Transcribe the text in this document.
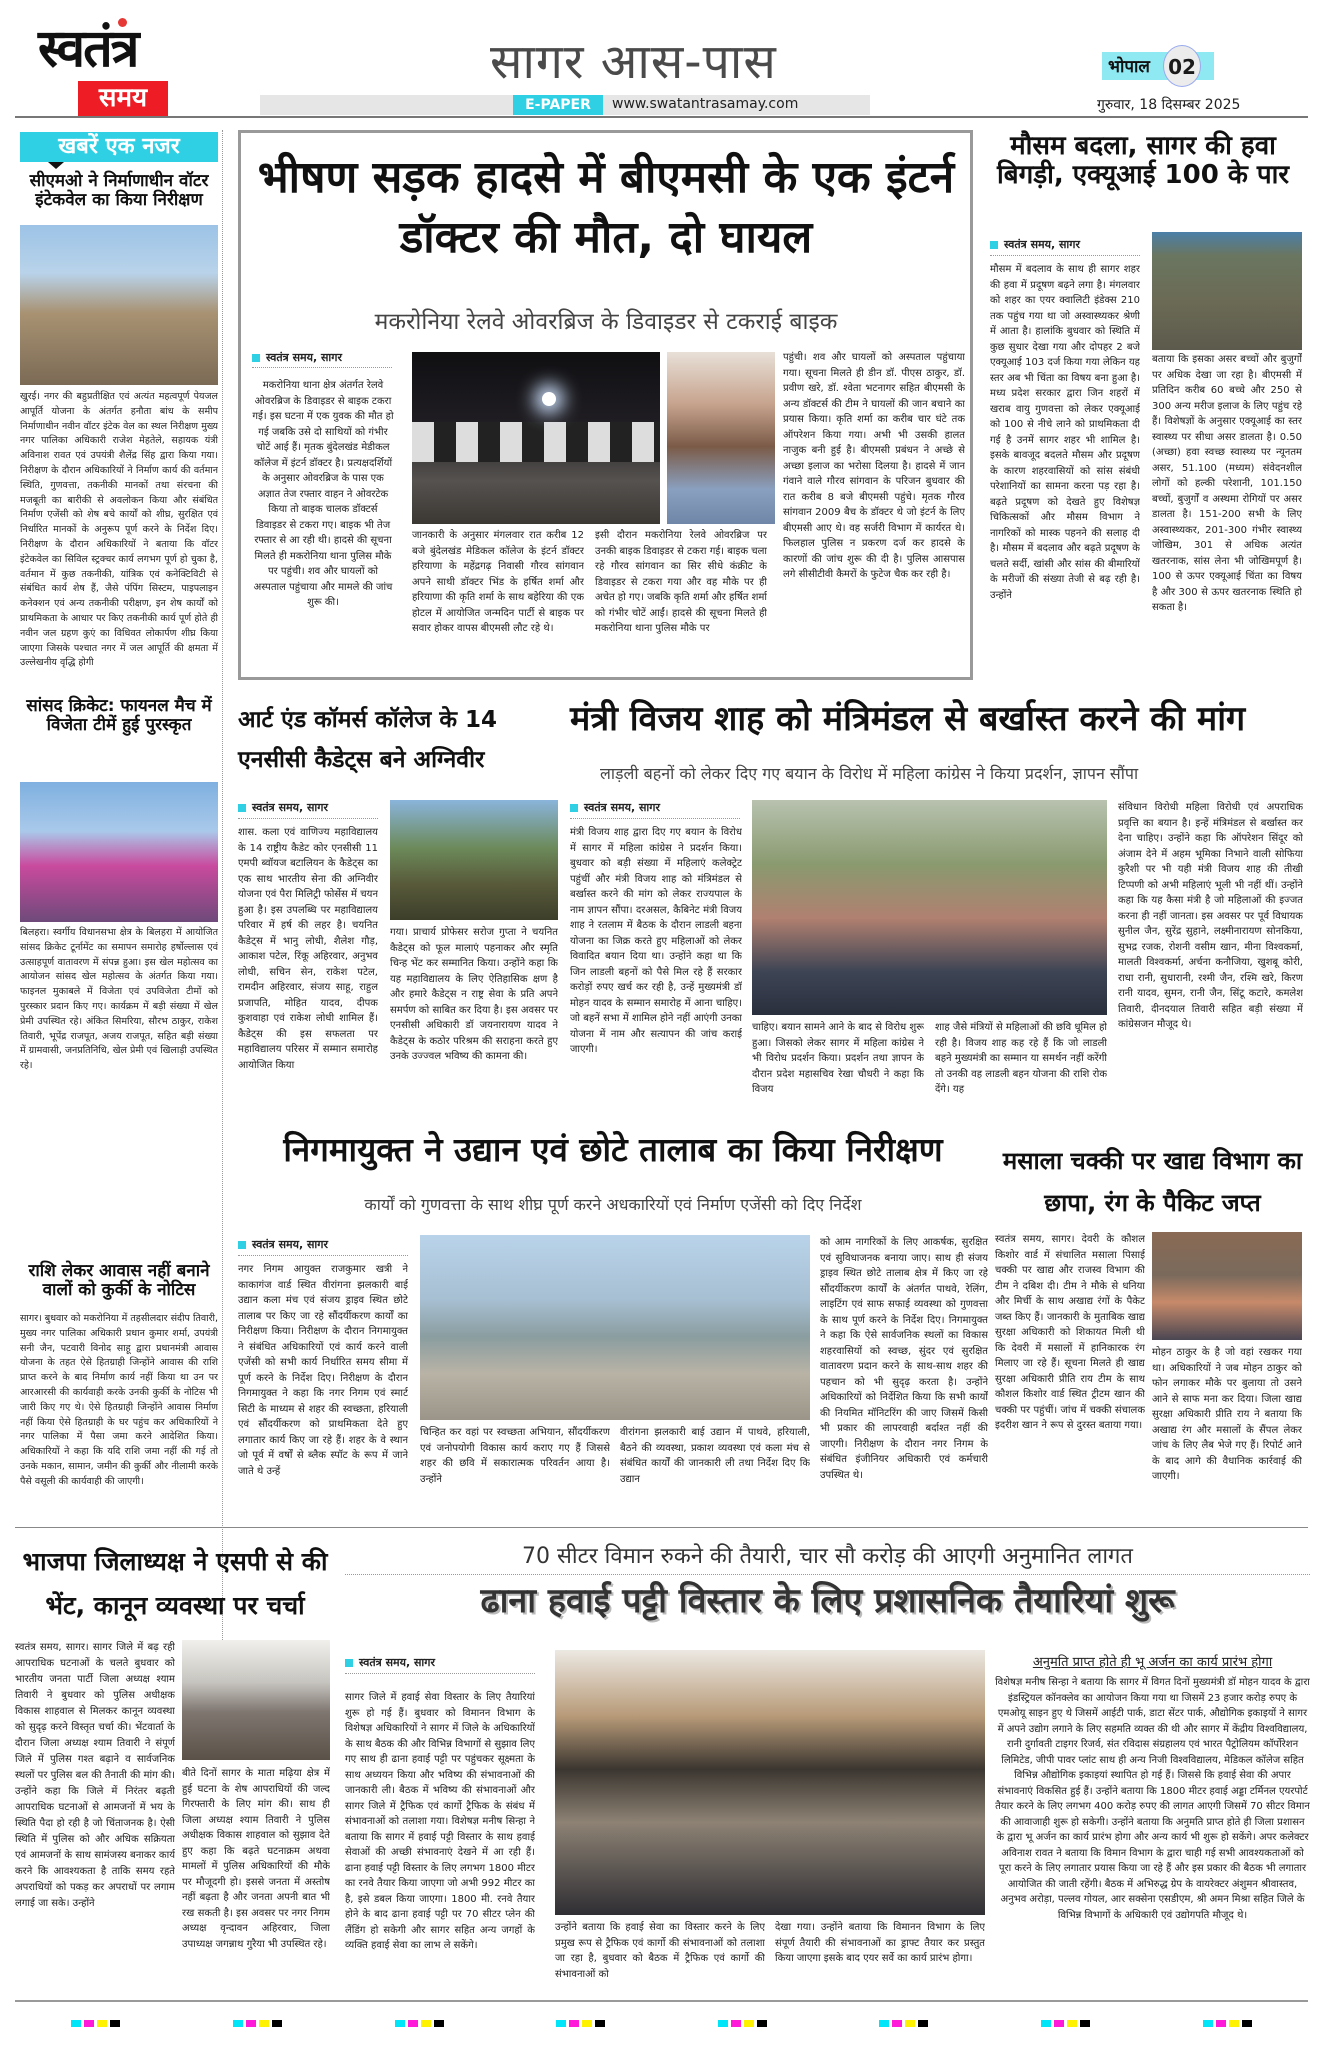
स्वतंत्र
समय
सागर आस-पास
E-PAPER	www.swatantrasamay.com
भोपाल 02
गुरुवार, 18 दिसम्बर 2025
खबरें एक नजर
सीएमओ ने निर्माणाधीन वॉटर इंटेकवेल का किया निरीक्षण
खुरई। नगर की बहुप्रतीक्षित एवं अत्यंत महत्वपूर्ण पेयजल आपूर्ति योजना के अंतर्गत हनौता बांध के समीप निर्माणाधीन नवीन वॉटर इंटेक वेल का स्थल निरीक्षण मुख्य नगर पालिका अधिकारी राजेश मेहतेले, सहायक यंत्री अविनाश रावत एवं उपयंत्री शैलेंद्र सिंह द्वारा किया गया। निरीक्षण के दौरान अधिकारियों ने निर्माण कार्य की वर्तमान स्थिति, गुणवत्ता, तकनीकी मानकों तथा संरचना की मजबूती का बारीकी से अवलोकन किया और संबंधित निर्माण एजेंसी को शेष बचे कार्यों को शीघ्र, सुरक्षित एवं निर्धारित मानकों के अनुरूप पूर्ण करने के निर्देश दिए। निरीक्षण के दौरान अधिकारियों ने बताया कि वॉटर इंटेकवेल का सिविल स्ट्रक्चर कार्य लगभग पूर्ण हो चुका है, वर्तमान में कुछ तकनीकी, यांत्रिक एवं कनेक्टिविटी से संबंधित कार्य शेष हैं, जैसे पंपिंग सिस्टम, पाइपलाइन कनेक्शन एवं अन्य तकनीकी परीक्षण, इन शेष कार्यों को प्राथमिकता के आधार पर किए तकनीकी कार्य पूर्ण होते ही नवीन जल ग्रहण कुएं का विधिवत लोकार्पण शीघ्र किया जाएगा जिसके पश्चात नगर में जल आपूर्ति की क्षमता में उल्लेखनीय वृद्धि होगी
सांसद क्रिकेट: फायनल मैच में विजेता टीमें हुई पुरस्कृत
बिलहरा। स्वर्गीय विधानसभा क्षेत्र के बिलहरा में आयोजित सांसद क्रिकेट टूर्नामेंट का समापन समारोह हर्षोल्लास एवं उत्साहपूर्ण वातावरण में संपन्न हुआ। इस खेल महोत्सव का आयोजन सांसद खेल महोत्सव के अंतर्गत किया गया। फाइनल मुकाबले में विजेता एवं उपविजेता टीमों को पुरस्कार प्रदान किए गए। कार्यक्रम में बड़ी संख्या में खेल प्रेमी उपस्थित रहे। अंकित सिमरिया, सौरभ ठाकुर, राकेश तिवारी, भूपेंद्र राजपूत, अजय राजपूत, सहित बड़ी संख्या में ग्रामवासी, जनप्रतिनिधि, खेल प्रेमी एवं खिलाड़ी उपस्थित रहे।
राशि लेकर आवास नहीं बनाने वालों को कुर्की के नोटिस
सागर। बुधवार को मकरोनिया में तहसीलदार संदीप तिवारी, मुख्य नगर पालिका अधिकारी प्रधान कुमार शर्मा, उपयंत्री सनी जैन, पटवारी विनोद साहू द्वारा प्रधानमंत्री आवास योजना के तहत ऐसे हितग्राही जिन्होंने आवास की राशि प्राप्त करने के बाद निर्माण कार्य नहीं किया था उन पर आरआरसी की कार्यवाही करके उनकी कुर्की के नोटिस भी जारी किए गए थे। ऐसे हितग्राही जिन्होंने आवास निर्माण नहीं किया ऐसे हितग्राही के घर पहुंच कर अधिकारियों ने नगर पालिका में पैसा जमा करने आदेशित किया। अधिकारियों ने कहा कि यदि राशि जमा नहीं की गई तो उनके मकान, सामान, जमीन की कुर्की और नीलामी करके पैसे वसूली की कार्यवाही की जाएगी।
भीषण सड़क हादसे में बीएमसी के एक इंटर्न डॉक्टर की मौत, दो घायल
मकरोनिया रेलवे ओवरब्रिज के डिवाइडर से टकराई बाइक
स्वतंत्र समय, सागर
मकरोनिया थाना क्षेत्र अंतर्गत रेलवे ओवरब्रिज के डिवाइडर से बाइक टकरा गई। इस घटना में एक युवक की मौत हो गई जबकि उसे दो साथियों को गंभीर चोटें आई हैं। मृतक बुंदेलखंड मेडीकल कॉलेज में इंटर्न डॉक्टर है। प्रत्यक्षदर्शियों के अनुसार ओवरब्रिज के पास एक अज्ञात तेज रफ्तार वाहन ने ओवरटेक किया तो बाइक चालक डॉक्टर्स डिवाइडर से टकरा गए। बाइक भी तेज रफ्तार से आ रही थी। हादसे की सूचना मिलते ही मकरोनिया थाना पुलिस मौके पर पहुंची। शव और घायलों को अस्पताल पहुंचाया और मामले की जांच शुरू की।
जानकारी के अनुसार मंगलवार रात करीब 12 बजे बुंदेलखंड मेडिकल कॉलेज के इंटर्न डॉक्टर हरियाणा के महेंद्रगढ़ निवासी गौरव सांगवान अपने साथी डॉक्टर भिंड के हर्षित शर्मा और हरियाणा की कृति शर्मा के साथ बहेरिया की एक होटल में आयोजित जन्मदिन पार्टी से बाइक पर सवार होकर वापस बीएमसी लौट रहे थे।
इसी दौरान मकरोनिया रेलवे ओवरब्रिज पर उनकी बाइक डिवाइडर से टकरा गई। बाइक चला रहे गौरव सांगवान का सिर सीधे कंक्रीट के डिवाइडर से टकरा गया और वह मौके पर ही अचेत हो गए। जबकि कृति शर्मा और हर्षित शर्मा को गंभीर चोटें आईं। हादसे की सूचना मिलते ही मकरोनिया थाना पुलिस मौके पर
पहुंची। शव और घायलों को अस्पताल पहुंचाया गया। सूचना मिलते ही डीन डॉ. पीएस ठाकुर, डॉ. प्रवीण खरे, डॉ. श्वेता भटनागर सहित बीएमसी के अन्य डॉक्टर्स की टीम ने घायलों की जान बचाने का प्रयास किया। कृति शर्मा का करीब चार घंटे तक ऑपरेशन किया गया। अभी भी उसकी हालत नाजुक बनी हुई है। बीएमसी प्रबंधन ने अच्छे से अच्छा इलाज का भरोसा दिलया है। हादसे में जान गंवाने वाले गौरव सांगवान के परिजन बुधवार की रात करीब 8 बजे बीएमसी पहुंचे। मृतक गौरव सांगवान 2009 बैच के डॉक्टर थे जो इंटर्न के लिए बीएमसी आए थे। वह सर्जरी विभाग में कार्यरत थे। फिलहाल पुलिस न प्रकरण दर्ज कर हादसे के कारणों की जांच शुरू की दी है। पुलिस आसपास लगे सीसीटीवी कैमरों के फुटेज चैक कर रही है।
मौसम बदला, सागर की हवा बिगड़ी, एक्यूआई 100 के पार
स्वतंत्र समय, सागर
मौसम में बदलाव के साथ ही सागर शहर की हवा में प्रदूषण बढ़ने लगा है। मंगलवार को शहर का एयर क्वालिटी इंडेक्स 210 तक पहुंच गया था जो अस्वास्थ्यकर श्रेणी में आता है। हालांकि बुधवार को स्थिति में कुछ सुधार देखा गया और दोपहर 2 बजे एक्यूआई 103 दर्ज किया गया लेकिन यह स्तर अब भी चिंता का विषय बना हुआ है। मध्य प्रदेश सरकार द्वारा जिन शहरों में खराब वायु गुणवत्ता को लेकर एक्यूआई को 100 से नीचे लाने को प्राथमिकता दी गई है उनमें सागर शहर भी शामिल है। इसके बावजूद बदलते मौसम और प्रदूषण के कारण शहरवासियों को सांस संबंधी परेशानियों का सामना करना पड़ रहा है। बढ़ते प्रदूषण को देखते हुए विशेषज्ञ चिकित्सकों और मौसम विभाग ने नागरिकों को मास्क पहनने की सलाह दी है। मौसम में बदलाव और बढ़ते प्रदूषण के चलते सर्दी, खांसी और सांस की बीमारियों के मरीजों की संख्या तेजी से बढ़ रही है। उन्होंने
बताया कि इसका असर बच्चों और बुजुर्गों पर अधिक देखा जा रहा है। बीएमसी में प्रतिदिन करीब 60 बच्चे और 250 से 300 अन्य मरीज इलाज के लिए पहुंच रहे हैं। विशेषज्ञों के अनुसार एक्यूआई का स्तर स्वास्थ्य पर सीधा असर डालता है। 0.50 (अच्छा) हवा स्वच्छ स्वास्थ्य पर न्यूनतम असर, 51.100 (मध्यम) संवेदनशील लोगों को हल्की परेशानी, 101.150 बच्चों, बुजुर्गों व अस्थमा रोगियों पर असर डालता है। 151-200 सभी के लिए अस्वास्थ्यकर, 201-300 गंभीर स्वास्थ्य जोखिम, 301 से अधिक अत्यंत खतरनाक, सांस लेना भी जोखिमपूर्ण है। 100 से ऊपर एक्यूआई चिंता का विषय है और 300 से ऊपर खतरनाक स्थिति हो सकता है।
आर्ट एंड कॉमर्स कॉलेज के 14 एनसीसी कैडेट्स बने अग्निवीर
स्वतंत्र समय, सागर
शास. कला एवं वाणिज्य महाविद्यालय के 14 राष्ट्रीय कैडेट कोर एनसीसी 11 एमपी ब्वॉयज बटालियन के कैडेट्स का एक साथ भारतीय सेना की अग्निवीर योजना एवं पैरा मिलिट्री फोर्सेस में चयन हुआ है। इस उपलब्धि पर महाविद्यालय परिवार में हर्ष की लहर है। चयनित कैडेट्स में भानु लोधी, शैलेश गौड़, आकाश पटेल, रिंकू अहिरवार, अनुभव लोधी, सचिन सेन, राकेश पटेल, रामदीन अहिरवार, संजय साहू, राहुल प्रजापति, मोहित यादव, दीपक कुशवाहा एवं राकेश लोधी शामिल हैं। कैडेट्स की इस सफलता पर महाविद्यालय परिसर में सम्मान समारोह आयोजित किया
गया। प्राचार्य प्रोफेसर सरोज गुप्ता ने चयनित कैडेट्स को फूल मालाएं पहनाकर और स्मृति चिन्ह भेंट कर सम्मानित किया। उन्होंने कहा कि यह महाविद्यालय के लिए ऐतिहासिक क्षण है और हमारे कैडेट्स न राष्ट्र सेवा के प्रति अपने समर्पण को साबित कर दिया है। इस अवसर पर एनसीसी अधिकारी डॉ जयनारायण यादव ने कैडेट्स के कठोर परिश्रम की सराहना करते हुए उनके उज्ज्वल भविष्य की कामना की।
मंत्री विजय शाह को मंत्रिमंडल से बर्खास्त करने की मांग
लाड़ली बहनों को लेकर दिए गए बयान के विरोध में महिला कांग्रेस ने किया प्रदर्शन, ज्ञापन सौंपा
स्वतंत्र समय, सागर
मंत्री विजय शाह द्वारा दिए गए बयान के विरोध में सागर में महिला कांग्रेस ने प्रदर्शन किया। बुधवार को बड़ी संख्या में महिलाएं कलेक्ट्रेट पहुंचीं और मंत्री विजय शाह को मंत्रिमंडल से बर्खास्त करने की मांग को लेकर राज्यपाल के नाम ज्ञापन सौंपा। दरअसल, कैबिनेट मंत्री विजय शाह ने रतलाम में बैठक के दौरान लाडली बहना योजना का जिक्र करते हुए महिलाओं को लेकर विवादित बयान दिया था। उन्होंने कहा था कि जिन लाडली बहनों को पैसे मिल रहे हैं सरकार करोड़ों रुपए खर्च कर रही है, उन्हें मुख्यमंत्री डॉ मोहन यादव के सम्मान समारोह में आना चाहिए। जो बहनें सभा में शामिल होने नहीं आएंगी उनका योजना में नाम और सत्यापन की जांच कराई जाएगी।
चाहिए। बयान सामने आने के बाद से विरोध शुरू हुआ। जिसको लेकर सागर में महिला कांग्रेस ने भी विरोध प्रदर्शन किया। प्रदर्शन तथा ज्ञापन के दौरान प्रदेश महासचिव रेखा चौधरी ने कहा कि विजय
शाह जैसे मंत्रियों से महिलाओं की छवि धूमिल हो रही है। विजय शाह कह रहे हैं कि जो लाडली बहने मुख्यमंत्री का सम्मान या समर्थन नहीं करेंगी तो उनकी वह लाडली बहन योजना की राशि रोक देंगे। यह
संविधान विरोधी महिला विरोधी एवं अपराधिक प्रवृत्ति का बयान है। इन्हें मंत्रिमंडल से बर्खास्त कर देना चाहिए। उन्होंने कहा कि ऑपरेशन सिंदूर को अंजाम देने में अहम भूमिका निभाने वाली सोफिया कुरैशी पर भी यही मंत्री विजय शाह की तीखी टिप्पणी को अभी महिलाएं भूली भी नहीं थीं। उन्होंने कहा कि यह कैसा मंत्री है जो महिलाओं की इज्जत करना ही नहीं जानता। इस अवसर पर पूर्व विधायक सुनील जैन, सुरेंद्र सुहाने, लक्ष्मीनारायण सोनकिया, सुभद्र रजक, रोशनी वसीम खान, मीना विश्वकर्मा, मालती विश्वकर्मा, अर्चना कनौजिया, खुशबू कोरी, राधा रानी, सुधारानी, रश्मी जैन, रश्मि खरे, किरण रानी यादव, सुमन, रानी जैन, सिंटू कटारे, कमलेश तिवारी, दीनदयाल तिवारी सहित बड़ी संख्या में कांग्रेसजन मौजूद थे।
निगमायुक्त ने उद्यान एवं छोटे तालाब का किया निरीक्षण
कार्यों को गुणवत्ता के साथ शीघ्र पूर्ण करने अधकारियों एवं निर्माण एजेंसी को दिए निर्देश
स्वतंत्र समय, सागर
नगर निगम आयुक्त राजकुमार खत्री ने काकागंज वार्ड स्थित वीरांगना झलकारी बाई उद्यान कला मंच एवं संजय ड्राइव स्थित छोटे तालाब पर किए जा रहे सौंदर्यीकरण कार्यों का निरीक्षण किया। निरीक्षण के दौरान निगमायुक्त ने संबंधित अधिकारियों एवं कार्य करने वाली एजेंसी को सभी कार्य निर्धारित समय सीमा में पूर्ण करने के निर्देश दिए। निरीक्षण के दौरान निगमायुक्त ने कहा कि नगर निगम एवं स्मार्ट सिटी के माध्यम से शहर की स्वच्छता, हरियाली एवं सौंदर्यीकरण को प्राथमिकता देते हुए लगातार कार्य किए जा रहे हैं। शहर के वे स्थान जो पूर्व में वर्षों से ब्लैक स्पॉट के रूप में जाने जाते थे उन्हें
चिन्हित कर वहां पर स्वच्छता अभियान, सौंदर्यीकरण एवं जनोपयोगी विकास कार्य कराए गए हैं जिससे शहर की छवि में सकारात्मक परिवर्तन आया है। उन्होंने
वीरांगना झलकारी बाई उद्यान में पाथवे, हरियाली, बैठने की व्यवस्था, प्रकाश व्यवस्था एवं कला मंच से संबंधित कार्यों की जानकारी ली तथा निर्देश दिए कि उद्यान
को आम नागरिकों के लिए आकर्षक, सुरक्षित एवं सुविधाजनक बनाया जाए। साथ ही संजय ड्राइव स्थित छोटे तालाब क्षेत्र में किए जा रहे सौंदर्यीकरण कार्यों के अंतर्गत पाथवे, रेलिंग, लाइटिंग एवं साफ सफाई व्यवस्था को गुणवत्ता के साथ पूर्ण करने के निर्देश दिए। निगमायुक्त ने कहा कि ऐसे सार्वजनिक स्थलों का विकास शहरवासियों को स्वच्छ, सुंदर एवं सुरक्षित वातावरण प्रदान करने के साथ-साथ शहर की पहचान को भी सुदृढ़ करता है। उन्होंने अधिकारियों को निर्देशित किया कि सभी कार्यों की नियमित मॉनिटरिंग की जाए जिसमें किसी भी प्रकार की लापरवाही बर्दाश्त नहीं की जाएगी। निरीक्षण के दौरान नगर निगम के संबंधित इंजीनियर अधिकारी एवं कर्मचारी उपस्थित थे।
मसाला चक्की पर खाद्य विभाग का छापा, रंग के पैकिट जप्त
स्वतंत्र समय, सागर। देवरी के कौशल किशोर वार्ड में संचालित मसाला पिसाई चक्की पर खाद्य और राजस्व विभाग की टीम ने दबिश दी। टीम ने मौके से धनिया और मिर्ची के साथ अखाद्य रंगों के पैकेट जब्त किए हैं। जानकारी के मुताबिक खाद्य सुरक्षा अधिकारी को शिकायत मिली थी कि देवरी में मसालों में हानिकारक रंग मिलाए जा रहे हैं। सूचना मिलते ही खाद्य सुरक्षा अधिकारी प्रीति राय टीम के साथ कौशल किशोर वार्ड स्थित ट्रीटम खान की चक्की पर पहुंचीं। जांच में चक्की संचालक इदरीश खान ने रूप से दुरस्त बताया गया।
मोहन ठाकुर के है जो वहां रखकर गया था। अधिकारियों ने जब मोहन ठाकुर को फोन लगाकर मौके पर बुलाया तो उसने आने से साफ मना कर दिया। जिला खाद्य सुरक्षा अधिकारी प्रीति राय ने बताया कि अखाद्य रंग और मसालों के सैंपल लेकर जांच के लिए लैब भेजे गए हैं। रिपोर्ट आने के बाद आगे की वैधानिक कार्रवाई की जाएगी।
भाजपा जिलाध्यक्ष ने एसपी से की भेंट, कानून व्यवस्था पर चर्चा
स्वतंत्र समय, सागर। सागर जिले में बढ़ रही आपराधिक घटनाओं के चलते बुधवार को भारतीय जनता पार्टी जिला अध्यक्ष श्याम तिवारी ने बुधवार को पुलिस अधीक्षक विकास शाहवाल से मिलकर कानून व्यवस्था को सुदृढ़ करने विस्तृत चर्चा की। भेंटवार्ता के दौरान जिला अध्यक्ष श्याम तिवारी ने संपूर्ण जिले में पुलिस गश्त बढ़ाने व सार्वजनिक स्थलों पर पुलिस बल की तैनाती की मांग की। उन्होंने कहा कि जिले में निरंतर बढ़ती आपराधिक घटनाओं से आमजनों में भय के स्थिति पैदा हो रही है जो चिंताजनक है। ऐसी स्थिति में पुलिस को और अधिक सक्रियता एवं आमजनों के साथ सामंजस्य बनाकर कार्य करने कि आवश्यकता है ताकि समय रहते अपराधियों को पकड़ कर अपराधों पर लगाम लगाई जा सके। उन्होंने
बीते दिनों सागर के माता मढ़िया क्षेत्र में हुई घटना के शेष आपराधियों की जल्द गिरफ्तारी के लिए मांग की। साथ ही जिला अध्यक्ष श्याम तिवारी ने पुलिस अधीक्षक विकास शाहवाल को सुझाव देते हुए कहा कि बढ़ते घटनाक्रम अथवा मामलों में पुलिस अधिकारियों की मौके पर मौजूदगी हो। इससे जनता में अस्तोष नहीं बढ़ता है और जनता अपनी बात भी रख सकती है। इस अवसर पर नगर निगम अध्यक्ष वृन्दावन अहिरवार, जिला उपाध्यक्ष जगन्नाथ गुरैया भी उपस्थित रहे।
70 सीटर विमान रुकने की तैयारी, चार सौ करोड़ की आएगी अनुमानित लागत
ढाना हवाई पट्टी विस्तार के लिए प्रशासनिक तैयारियां शुरू
स्वतंत्र समय, सागर
सागर जिले में हवाई सेवा विस्तार के लिए तैयारियां शुरू हो गई हैं। बुधवार को विमानन विभाग के विशेषज्ञ अधिकारियों ने सागर में जिले के अधिकारियों के साथ बैठक की और विभिन्न विभागों से सुझाव लिए गए साथ ही ढाना हवाई पट्टी पर पहुंचकर सूक्ष्मता के साथ अध्ययन किया और भविष्य की संभावनाओं की जानकारी ली। बैठक में भविष्य की संभावनाओं और सागर जिले में ट्रैफिक एवं कार्गो ट्रैफिक के संबंध में संभावनाओं को तलाशा गया। विशेषज्ञ मनीष सिन्हा ने बताया कि सागर में हवाई पट्टी विस्तार के साथ हवाई सेवाओं की अच्छी संभावनाएं देखने में आ रही हैं। ढाना हवाई पट्टी विस्तार के लिए लगभग 1800 मीटर का रनवे तैयार किया जाएगा जो अभी 992 मीटर का है, इसे डबल किया जाएगा। 1800 मी. रनवे तैयार होने के बाद ढाना हवाई पट्टी पर 70 सीटर प्लेन की लैंडिंग हो सकेगी और सागर सहित अन्य जगहों के व्यक्ति हवाई सेवा का लाभ ले सकेंगे।
उन्होंने बताया कि हवाई सेवा का विस्तार करने के लिए प्रमुख रूप से ट्रैफिक एवं कार्गो की संभावनाओं को तलाशा जा रहा है, बुधवार को बैठक में ट्रैफिक एवं कार्गो की संभावनाओं को
देखा गया। उन्होंने बताया कि विमानन विभाग के लिए संपूर्ण तैयारी की संभावनाओं का ड्राफ्ट तैयार कर प्रस्तुत किया जाएगा इसके बाद एयर सर्वे का कार्य प्रारंभ होगा।
अनुमति प्राप्त होते ही भू अर्जन का कार्य प्रारंभ होगा
विशेषज्ञ मनीष सिन्हा ने बताया कि सागर में विगत दिनों मुख्यमंत्री डॉ मोहन यादव के द्वारा इंडस्ट्रियल कॉनक्लेव का आयोजन किया गया था जिसमें 23 हजार करोड़ रुपए के एमओयू साइन हुए थे जिसमें आईटी पार्क, डाटा सेंटर पार्क, औद्योगिक इकाइयों ने सागर में अपने उद्योग लगाने के लिए सहमति व्यक्त की थी और सागर में केंद्रीय विश्वविद्यालय, रानी दुर्गावती टाइगर रिजर्व, संत रविदास संग्रहालय एवं भारत पैट्रोलियम कॉर्पोरेशन लिमिटेड, जीपी पावर प्लांट साथ ही अन्य निजी विश्वविद्यालय, मेडिकल कॉलेज सहित विभिन्न औद्योगिक इकाइयां स्थापित हो गई हैं। जिससे कि हवाई सेवा की अपार संभावनाएं विकसित हुई हैं। उन्होंने बताया कि 1800 मीटर हवाई अड्डा टर्मिनल एयरपोर्ट तैयार करने के लिए लगभग 400 करोड़ रुपए की लागत आएगी जिसमें 70 सीटर विमान की आवाजाही शुरू हो सकेगी। उन्होंने बताया कि अनुमति प्राप्त होते ही जिला प्रशासन के द्वारा भू अर्जन का कार्य प्रारंभ होगा और अन्य कार्य भी शुरू हो सकेंगे। अपर कलेक्टर अविनाश रावत ने बताया कि विमान विभाग के द्वारा चाही गई सभी आवश्यकताओं को पूरा करने के लिए लगातार प्रयास किया जा रहे हैं और इस प्रकार की बैठक भी लगातार आयोजित की जाती रहेंगी। बैठक में अभिरुद्ध ग्रेप के वायरेक्टर अंशुमन श्रीवास्तव, अनुभव अरोड़ा, पल्लव गोयल, आर सक्सेना एसडीएम, श्री अमन मिश्रा सहित जिले के विभिन्न विभागों के अधिकारी एवं उद्योगपति मौजूद थे।
